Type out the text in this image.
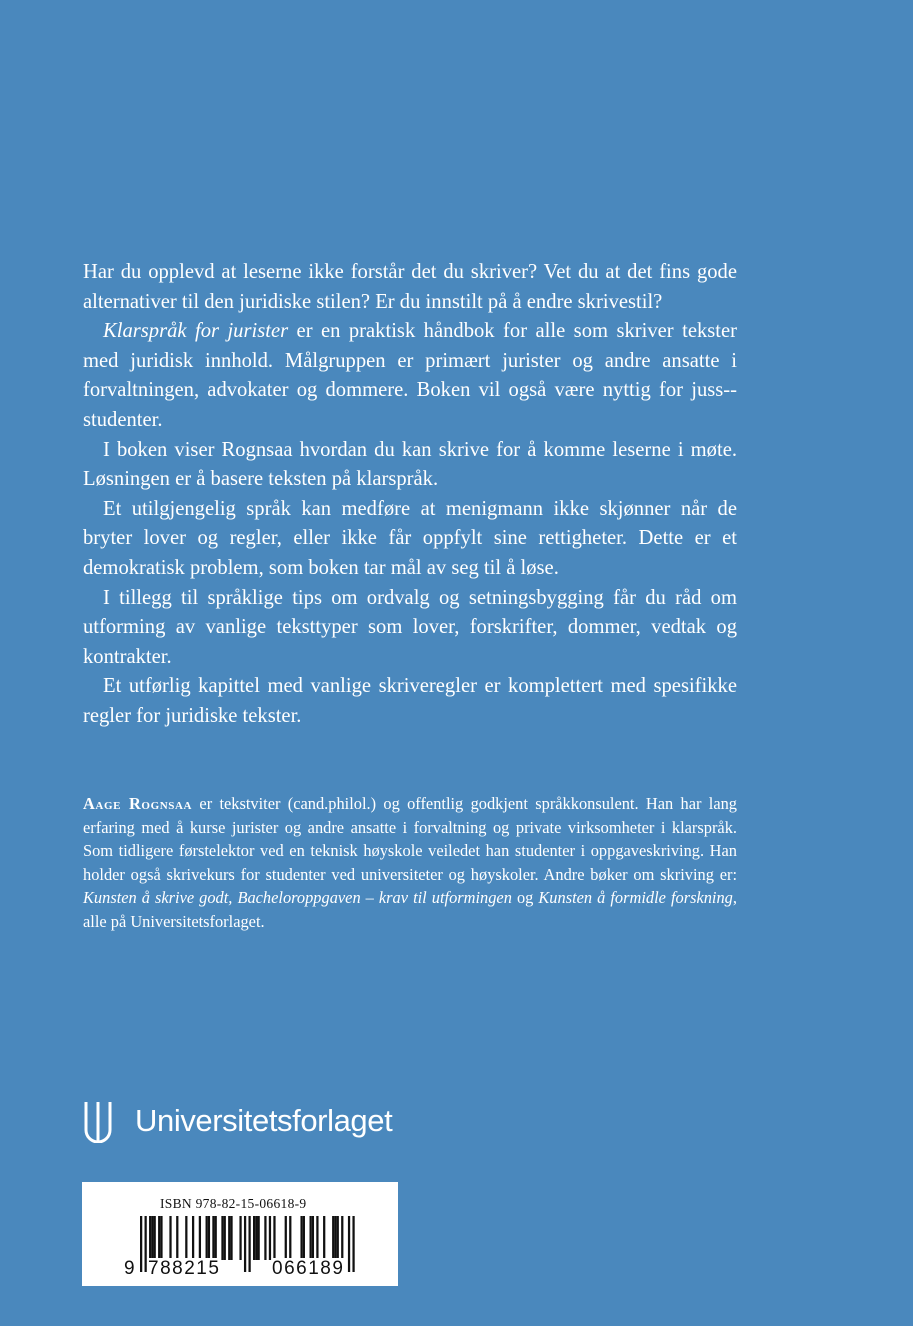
Har du opplevd at leserne ikke forstår det du skriver? Vet du at det fins gode alternativer til den juridiske stilen? Er du innstilt på å endre skrivestil?

Klarspråk for jurister er en praktisk håndbok for alle som skriver tekster med juridisk innhold. Målgruppen er primært jurister og andre ansatte i forvaltningen, advokater og dommere. Boken vil også være nyttig for juss-studenter.

I boken viser Rognsaa hvordan du kan skrive for å komme leserne i møte. Løsningen er å basere teksten på klarspråk.

Et utilgjengelig språk kan medføre at menigmann ikke skjønner når de bryter lover og regler, eller ikke får oppfylt sine rettigheter. Dette er et demokratisk problem, som boken tar mål av seg til å løse.

I tillegg til språklige tips om ordvalg og setningsbygging får du råd om utforming av vanlige teksttyper som lover, forskrifter, dommer, vedtak og kontrakter.

Et utførlig kapittel med vanlige skriveregler er komplettert med spesifikke regler for juridiske tekster.

Aage Rognsaa er tekstviter (cand.philol.) og offentlig godkjent språkkonsulent. Han har lang erfaring med å kurse jurister og andre ansatte i forvaltning og private virksomheter i klarspråk. Som tidligere førstelektor ved en teknisk høyskole veiledet han studenter i oppgaveskriving. Han holder også skrivekurs for studenter ved universiteter og høyskoler. Andre bøker om skriving er: Kunsten å skrive godt, Bacheloroppgaven – krav til utformingen og Kunsten å formidle forskning, alle på Universitetsforlaget.

Universitetsforlaget
ISBN 978-82-15-06618-9
9 788215	066189
